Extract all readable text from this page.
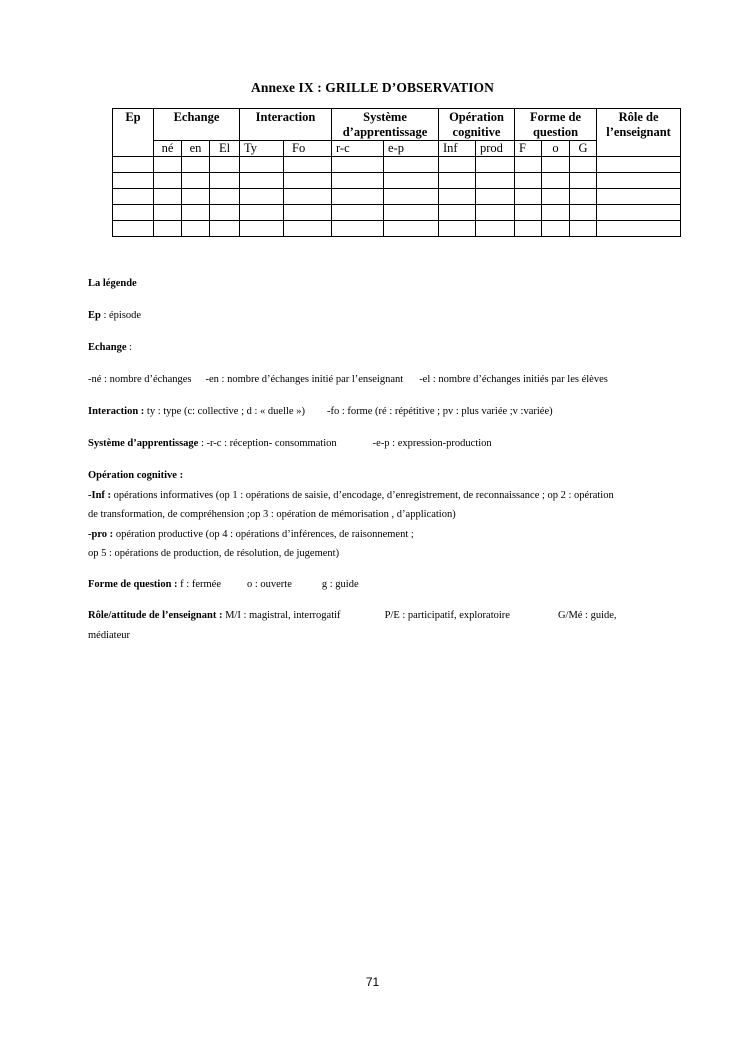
Annexe IX : GRILLE D’OBSERVATION
Ep	Echange			Interaction		Système d’apprentissage		Opération cognitive		Forme de question			Rôle de l’enseignant
	né	en	El	Ty	Fo	r-c	e-p	Inf	prod	F	o	G	

La légende

Ep : épisode

Echange :

-né : nombre d’échanges -en : nombre d’échanges initié par l’enseignant -el : nombre d’échanges initiés par les élèves

Interaction : ty : type (c: collective ; d : « duelle ») -fo : forme (ré : répétitive ; pv : plus variée ;v :variée)

Système d’apprentissage : -r-c : réception- consommation	-e-p : expression-production

Opération cognitive :

-Inf : opérations informatives (op 1 : opérations de saisie, d’encodage, d’enregistrement, de reconnaissance ; op 2 : opération

de transformation, de compréhension ;op 3 : opération de mémorisation , d’application)

-pro : opération productive (op 4 : opérations d’inférences, de raisonnement ;

op 5 : opérations de production, de résolution, de jugement)

Forme de question : f : fermée o : ouverte	g : guide

Rôle/attitude de l’enseignant : M/I : magistral, interrogatif	P/E : participatif, exploratoire	G/Mé : guide,

médiateur

71
